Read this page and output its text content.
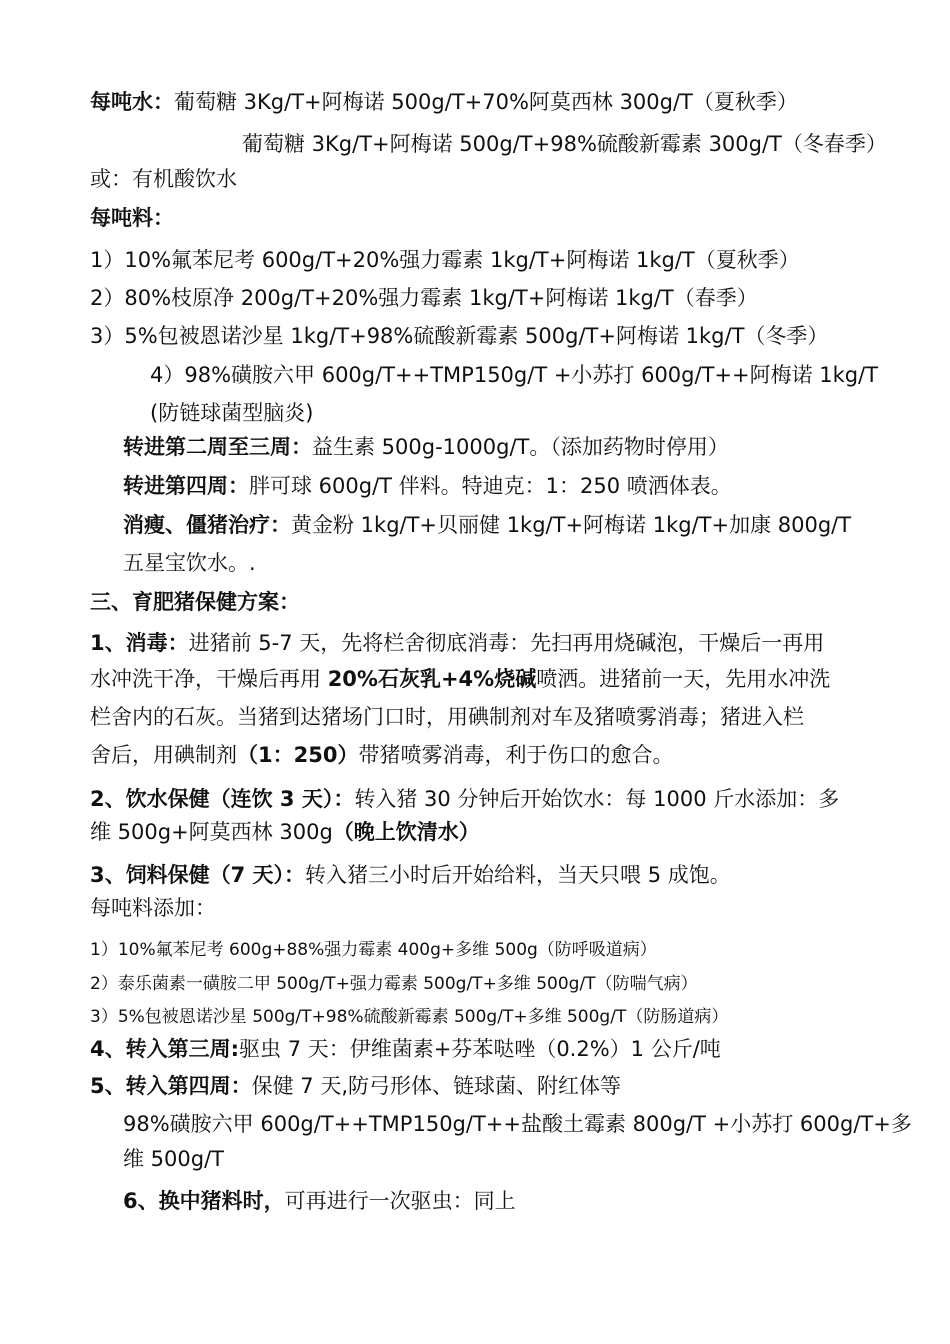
每吨水：葡萄糖 3Kg/T+阿梅诺 500g/T+70%阿莫西林 300g/T（夏秋季）
葡萄糖 3Kg/T+阿梅诺 500g/T+98%硫酸新霉素 300g/T（冬春季）
或：有机酸饮水
每吨料：
1）10%氟苯尼考 600g/T+20%强力霉素 1kg/T+阿梅诺 1kg/T（夏秋季）
2）80%枝原净 200g/T+20%强力霉素 1kg/T+阿梅诺 1kg/T（春季）
3）5%包被恩诺沙星 1kg/T+98%硫酸新霉素 500g/T+阿梅诺 1kg/T（冬季）
4）98%磺胺六甲 600g/T++TMP150g/T +小苏打 600g/T++阿梅诺 1kg/T
(防链球菌型脑炎)
转进第二周至三周：益生素 500g-1000g/T。（添加药物时停用）
转进第四周：胖可球 600g/T 伴料。特迪克：1：250 喷洒体表。
消瘦、僵猪治疗：黄金粉 1kg/T+贝丽健 1kg/T+阿梅诺 1kg/T+加康 800g/T
五星宝饮水。.
三、育肥猪保健方案：
1、消毒：进猪前 5-7 天，先将栏舍彻底消毒：先扫再用烧碱泡，干燥后一再用
水冲洗干净，干燥后再用 20%石灰乳+4%烧碱喷洒。进猪前一天，先用水冲洗
栏舍内的石灰。当猪到达猪场门口时，用碘制剂对车及猪喷雾消毒；猪进入栏
舍后，用碘制剂（1：250）带猪喷雾消毒，利于伤口的愈合。
2、饮水保健（连饮 3 天）：转入猪 30 分钟后开始饮水：每 1000 斤水添加：多
维 500g+阿莫西林 300g（晚上饮清水）
3、饲料保健（7 天）：转入猪三小时后开始给料，当天只喂 5 成饱。
每吨料添加：
1）10%氟苯尼考 600g+88%强力霉素 400g+多维 500g（防呼吸道病）
2）泰乐菌素一磺胺二甲 500g/T+强力霉素 500g/T+多维 500g/T（防喘气病）
3）5%包被恩诺沙星 500g/T+98%硫酸新霉素 500g/T+多维 500g/T（防肠道病）
4、转入第三周:驱虫 7 天：伊维菌素+芬苯哒唑（0.2%）1 公斤/吨
5、转入第四周：保健 7 天,防弓形体、链球菌、附红体等
98%磺胺六甲 600g/T++TMP150g/T++盐酸土霉素 800g/T +小苏打 600g/T+多
维 500g/T
6、换中猪料时，可再进行一次驱虫：同上
